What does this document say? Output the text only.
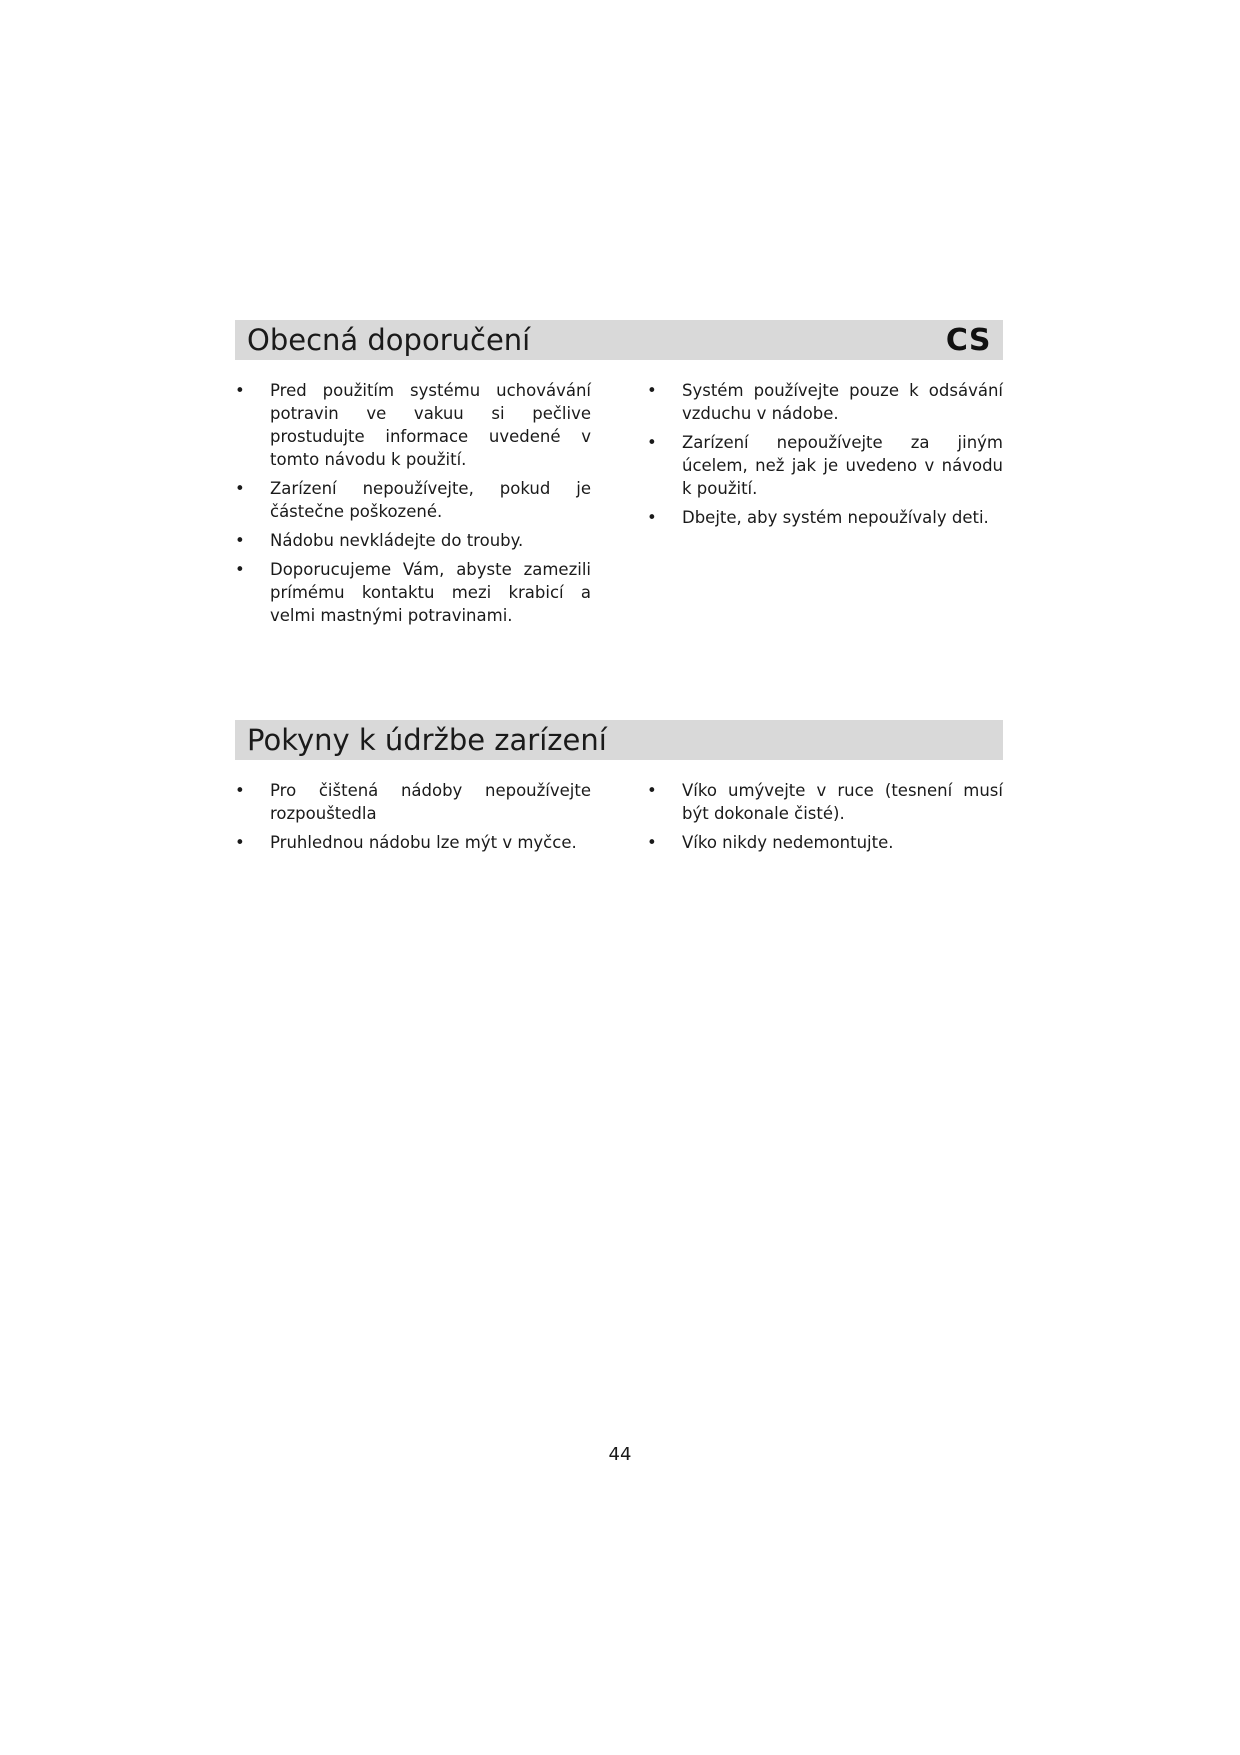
Obecná doporučení	CS
•	Pred použitím systému uchovávání potravin ve vakuu si pečlive prostudujte informace uvedené v tomto návodu k použití.
•	Zarízení nepoužívejte, pokud je částečne poškozené.
•	Nádobu nevkládejte do trouby.
•	Doporucujeme Vám, abyste zamezili prímému kontaktu mezi krabicí a velmi mastnými potravinami.
•	Systém používejte pouze k odsávání vzduchu v nádobe.
•	Zarízení nepoužívejte za jiným úcelem, než jak je uvedeno v návodu k použití.
•	Dbejte, aby systém nepoužívaly deti.
Pokyny k údržbe zarízení
•	Pro čištená nádoby nepoužívejte rozpouštedla
•	Pruhlednou nádobu lze mýt v myčce.
•	Víko umývejte v ruce (tesnení musí být dokonale čisté).
•	Víko nikdy nedemontujte.
44
